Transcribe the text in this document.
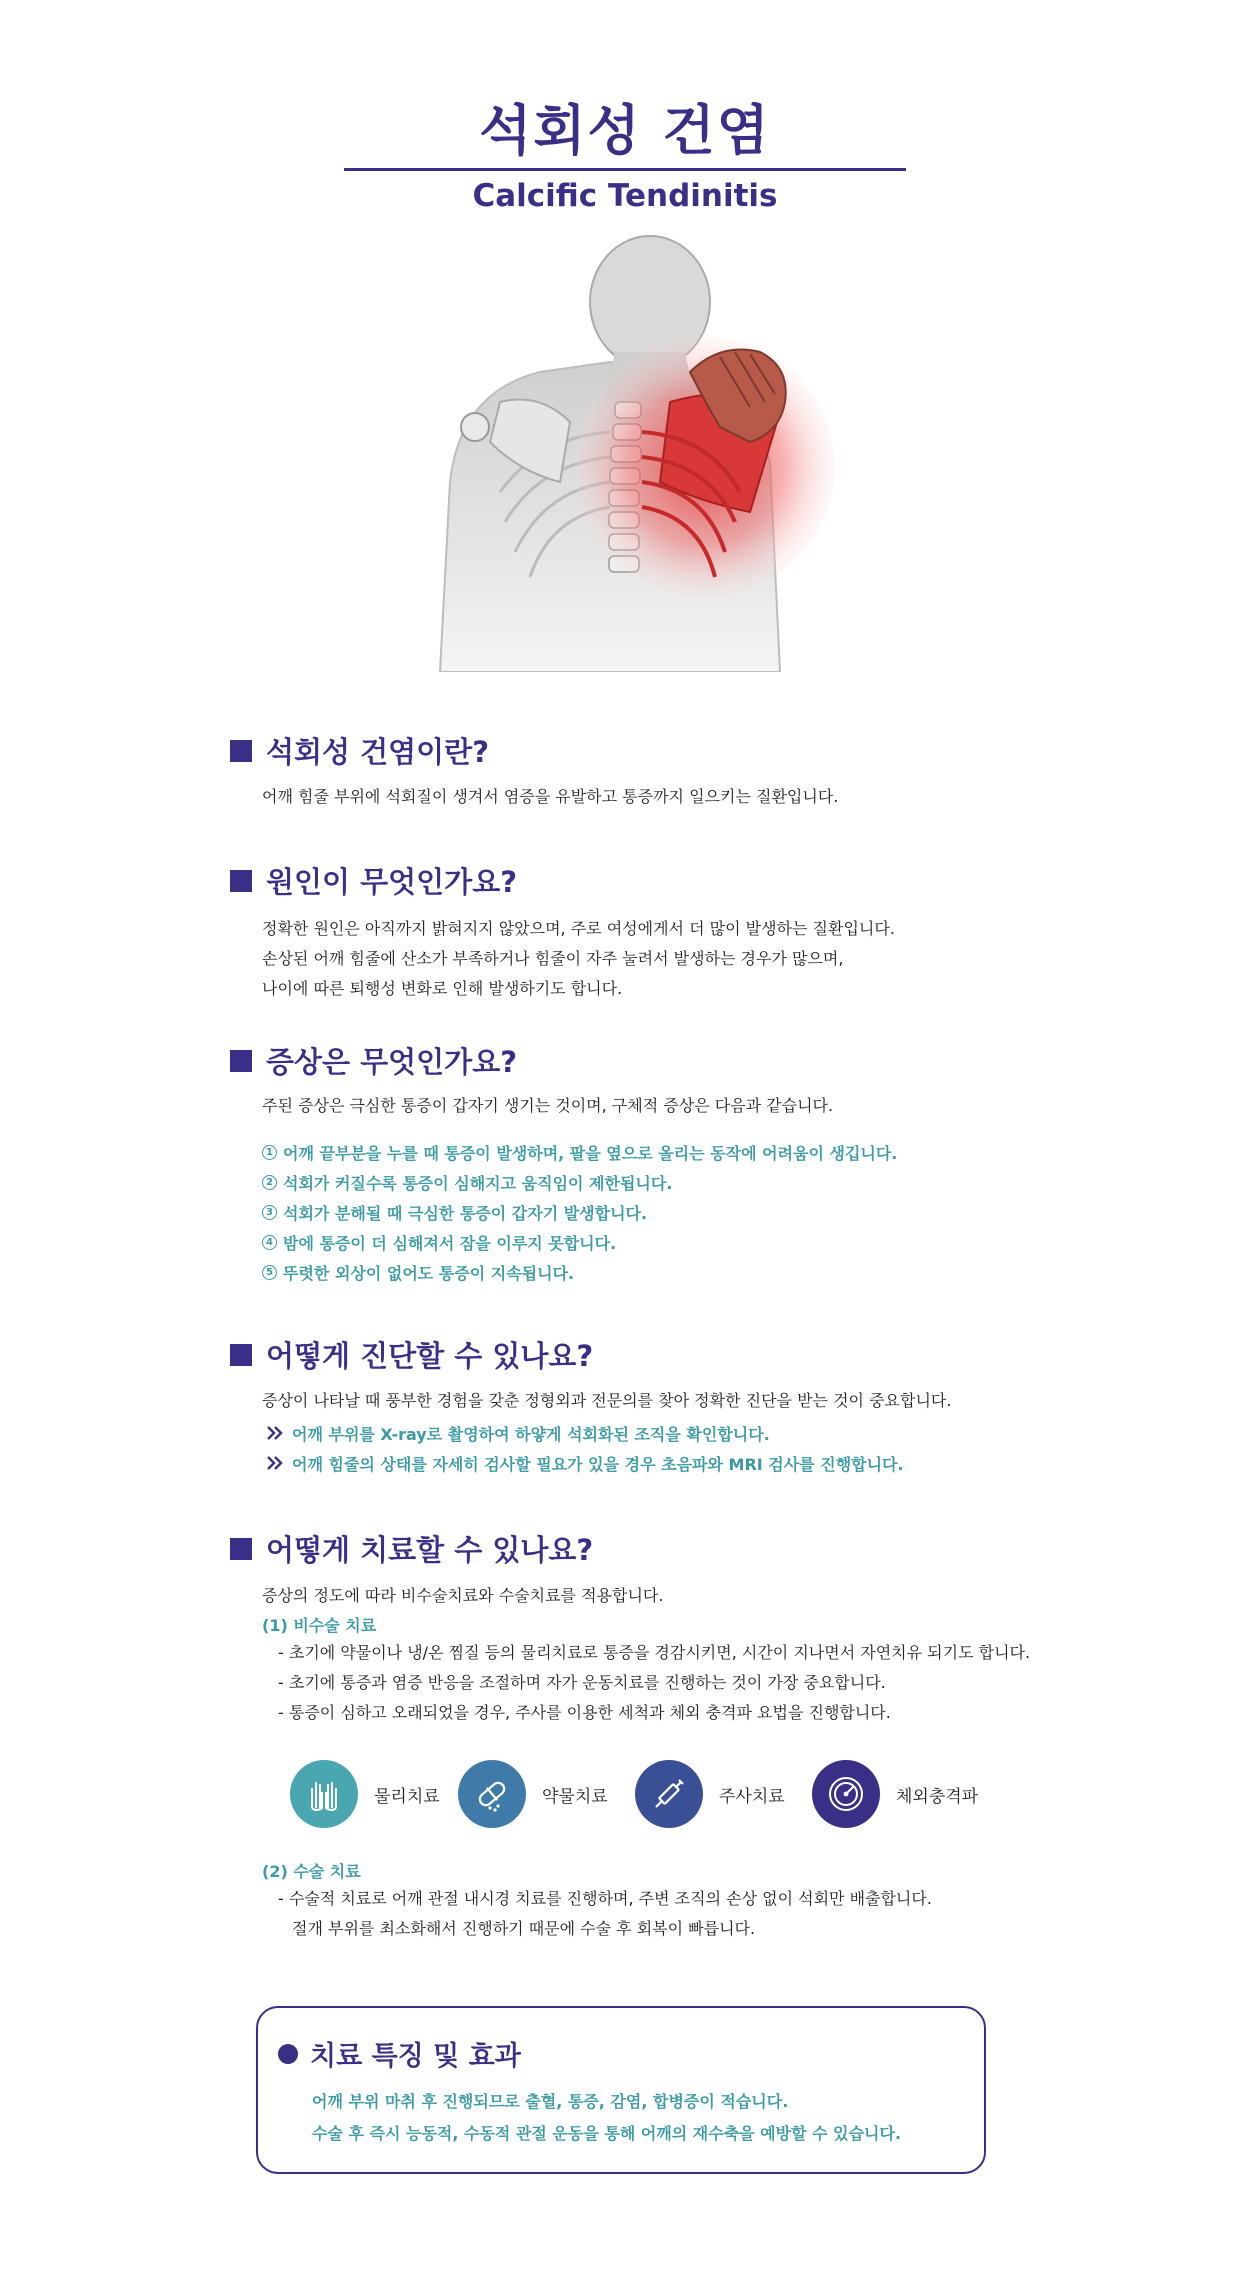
석회성 건염
Calcific Tendinitis
석회성 건염이란?
어깨 힘줄 부위에 석회질이 생겨서 염증을 유발하고 통증까지 일으키는 질환입니다.
원인이 무엇인가요?
정확한 원인은 아직까지 밝혀지지 않았으며, 주로 여성에게서 더 많이 발생하는 질환입니다.
손상된 어깨 힘줄에 산소가 부족하거나 힘줄이 자주 눌려서 발생하는 경우가 많으며,
나이에 따른 퇴행성 변화로 인해 발생하기도 합니다.
증상은 무엇인가요?
주된 증상은 극심한 통증이 갑자기 생기는 것이며, 구체적 증상은 다음과 같습니다.
1 어깨 끝부분을 누를 때 통증이 발생하며, 팔을 옆으로 올리는 동작에 어려움이 생깁니다.
2 석회가 커질수록 통증이 심해지고 움직임이 제한됩니다.
3 석회가 분해될 때 극심한 통증이 갑자기 발생합니다.
4 밤에 통증이 더 심해져서 잠을 이루지 못합니다.
5 뚜렷한 외상이 없어도 통증이 지속됩니다.
어떻게 진단할 수 있나요?
증상이 나타날 때 풍부한 경험을 갖춘 정형외과 전문의를 찾아 정확한 진단을 받는 것이 중요합니다.
어깨 부위를 X-ray로 촬영하여 하얗게 석회화된 조직을 확인합니다.
어깨 힘줄의 상태를 자세히 검사할 필요가 있을 경우 초음파와 MRI 검사를 진행합니다.
어떻게 치료할 수 있나요?
증상의 정도에 따라 비수술치료와 수술치료를 적용합니다.
(1) 비수술 치료
- 초기에 약물이나 냉/온 찜질 등의 물리치료로 통증을 경감시키면, 시간이 지나면서 자연치유 되기도 합니다.
- 초기에 통증과 염증 반응을 조절하며 자가 운동치료를 진행하는 것이 가장 중요합니다.
- 통증이 심하고 오래되었을 경우, 주사를 이용한 세척과 체외 충격파 요법을 진행합니다.
물리치료	약물치료	주사치료	체외충격파
(2) 수술 치료
- 수술적 치료로 어깨 관절 내시경 치료를 진행하며, 주변 조직의 손상 없이 석회만 배출합니다.
절개 부위를 최소화해서 진행하기 때문에 수술 후 회복이 빠릅니다.
치료 특징 및 효과
어깨 부위 마취 후 진행되므로 출혈, 통증, 감염, 합병증이 적습니다.
수술 후 즉시 능동적, 수동적 관절 운동을 통해 어깨의 재수축을 예방할 수 있습니다.
